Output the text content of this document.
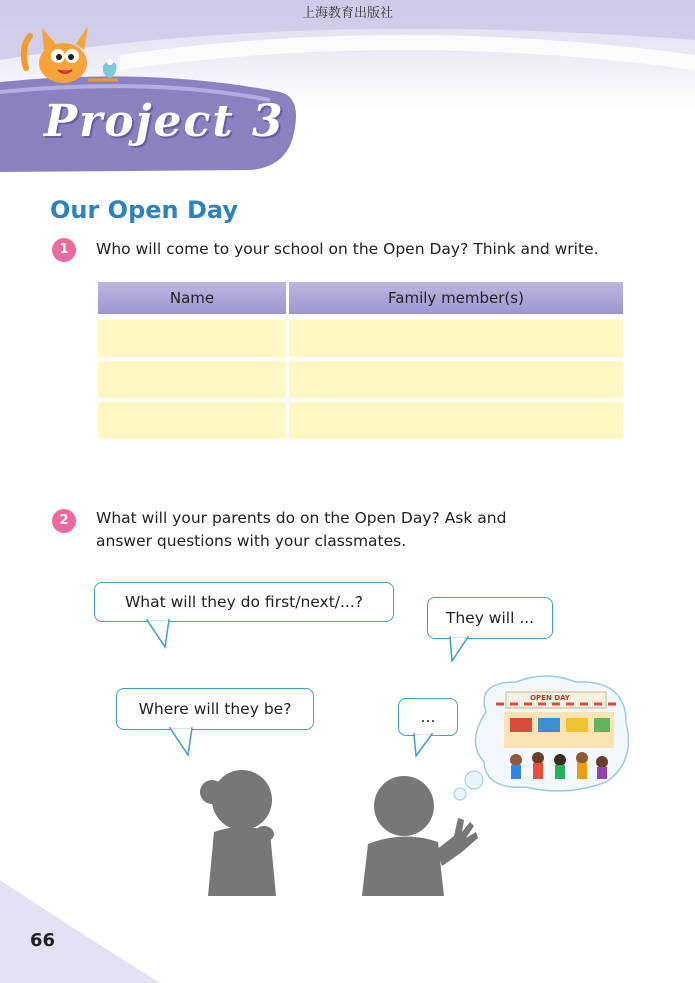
上海教育出版社
Project 3
Our Open Day
1	Who will come to your school on the Open Day? Think and write.
Name	Family member(s)
2	What will your parents do on the Open Day? Ask and
answer questions with your classmates.
What will they do first/next/...?
They will ...
Where will they be?	...
OPEN DAY
66
